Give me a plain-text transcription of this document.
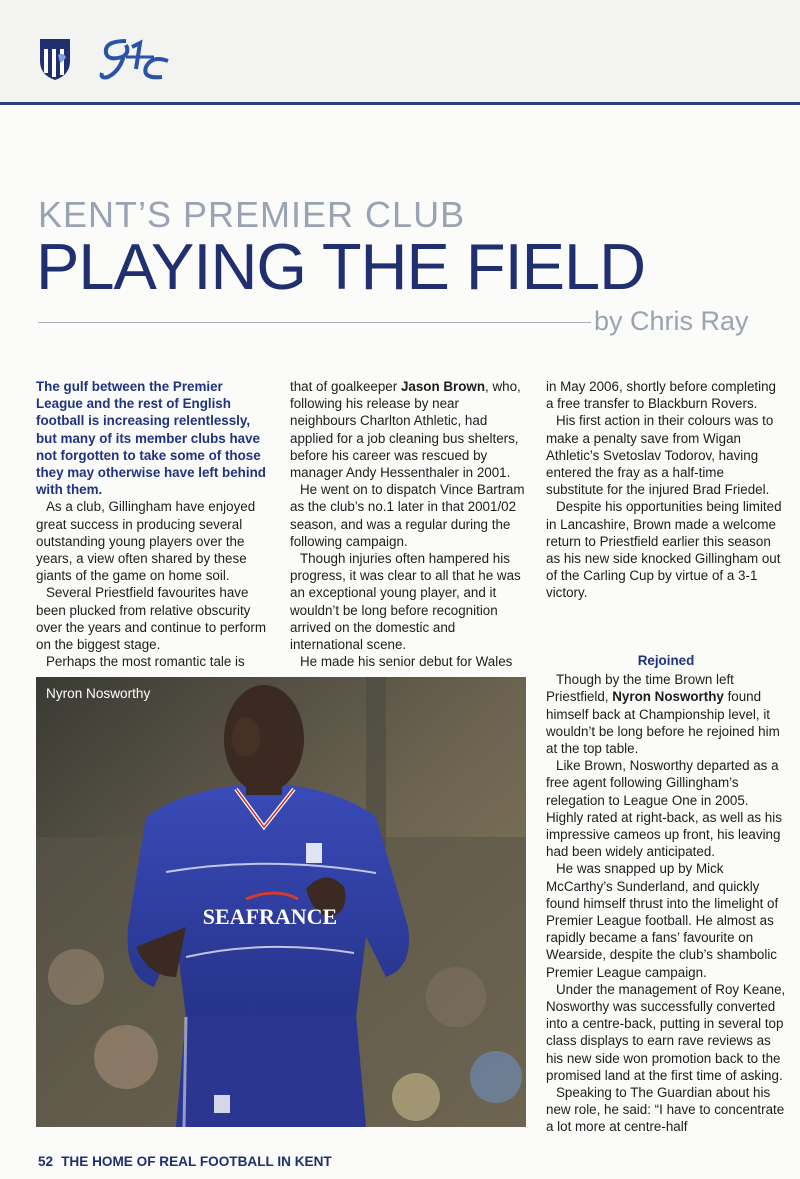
KENT’S PREMIER CLUB
PLAYING THE FIELD
by Chris Ray

The gulf between the Premier League and the rest of English football is increasing relentlessly, but many of its member clubs have not forgotten to take some of those they may otherwise have left behind with them.

As a club, Gillingham have enjoyed great success in producing several outstanding young players over the years, a view often shared by these giants of the game on home soil.

Several Priestfield favourites have been plucked from relative obscurity over the years and continue to perform on the biggest stage.

Perhaps the most romantic tale is

that of goalkeeper Jason Brown, who, following his release by near neighbours Charlton Athletic, had applied for a job cleaning bus shelters, before his career was rescued by manager Andy Hessenthaler in 2001.

He went on to dispatch Vince Bartram as the club’s no.1 later in that 2001/02 season, and was a regular during the following campaign.

Though injuries often hampered his progress, it was clear to all that he was an exceptional young player, and it wouldn’t be long before recognition arrived on the domestic and international scene.

He made his senior debut for Wales

in May 2006, shortly before completing a free transfer to Blackburn Rovers.

His first action in their colours was to make a penalty save from Wigan Athletic’s Svetoslav Todorov, having entered the fray as a half-time substitute for the injured Brad Friedel.

Despite his opportunities being limited in Lancashire, Brown made a welcome return to Priestfield earlier this season as his new side knocked Gillingham out of the Carling Cup by virtue of a 3-1 victory.

Rejoined

Though by the time Brown left Priestfield, Nyron Nosworthy found himself back at Championship level, it wouldn’t be long before he rejoined him at the top table.

Like Brown, Nosworthy departed as a free agent following Gillingham’s relegation to League One in 2005. Highly rated at right-back, as well as his impressive cameos up front, his leaving had been widely anticipated.

He was snapped up by Mick McCarthy’s Sunderland, and quickly found himself thrust into the limelight of Premier League football. He almost as rapidly became a fans’ favourite on Wearside, despite the club’s shambolic Premier League campaign.

Under the management of Roy Keane, Nosworthy was successfully converted into a centre-back, putting in several top class displays to earn rave reviews as his new side won promotion back to the promised land at the first time of asking.

Speaking to The Guardian about his new role, he said: “I have to concentrate a lot more at centre-half

SEAFRANCE
Nyron Nosworthy
52 THE HOME OF REAL FOOTBALL IN KENT
